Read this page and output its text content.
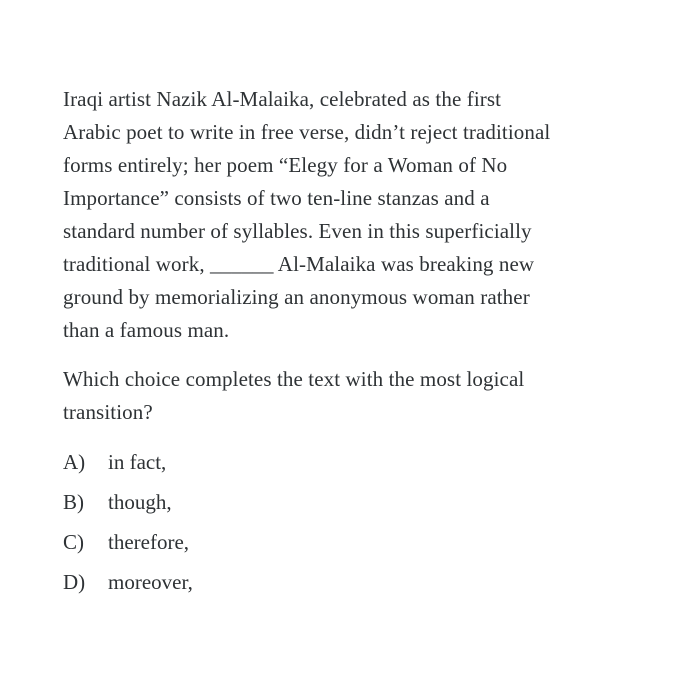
Iraqi artist Nazik Al-Malaika, celebrated as the first
Arabic poet to write in free verse, didn’t reject traditional
forms entirely; her poem “Elegy for a Woman of No
Importance” consists of two ten-line stanzas and a
standard number of syllables. Even in this superficially
traditional work, ______ Al-Malaika was breaking new
ground by memorializing an anonymous woman rather
than a famous man.

Which choice completes the text with the most logical
transition?

A)	in fact,
B)	though,
C)	therefore,
D)	moreover,
